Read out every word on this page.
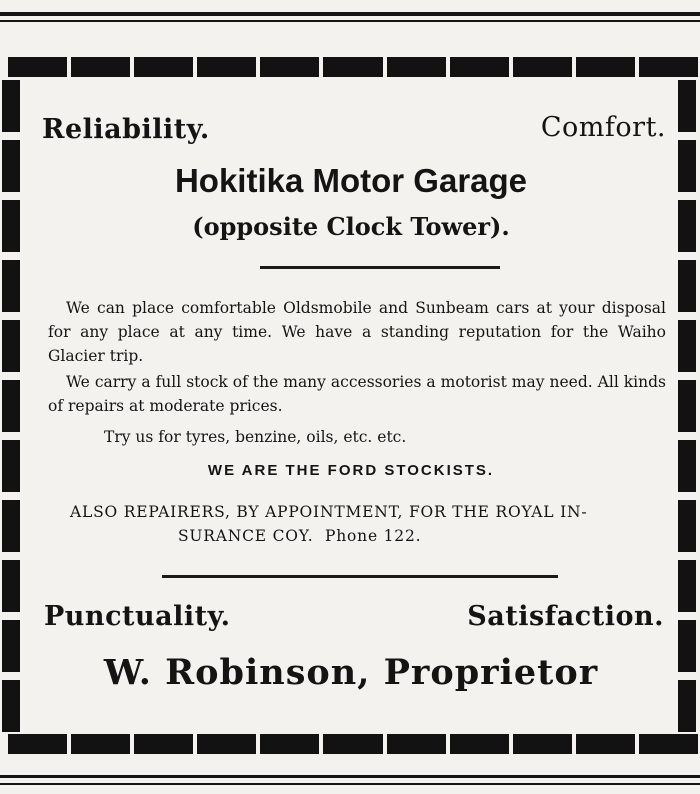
Reliability.	Comfort.
Hokitika Motor Garage
(opposite Clock Tower).
We can place comfortable Oldsmobile and Sunbeam cars at your disposal for any place at any time. We have a standing reputation for the Waiho Glacier trip.
We carry a full stock of the many accessories a motorist may need. All kinds of repairs at moderate prices.
Try us for tyres, benzine, oils, etc. etc.
WE ARE THE FORD STOCKISTS.
ALSO REPAIRERS, BY APPOINTMENT, FOR THE ROYAL IN-
SURANCE COY. Phone 122.
Punctuality.	Satisfaction.
W. Robinson, Proprietor
